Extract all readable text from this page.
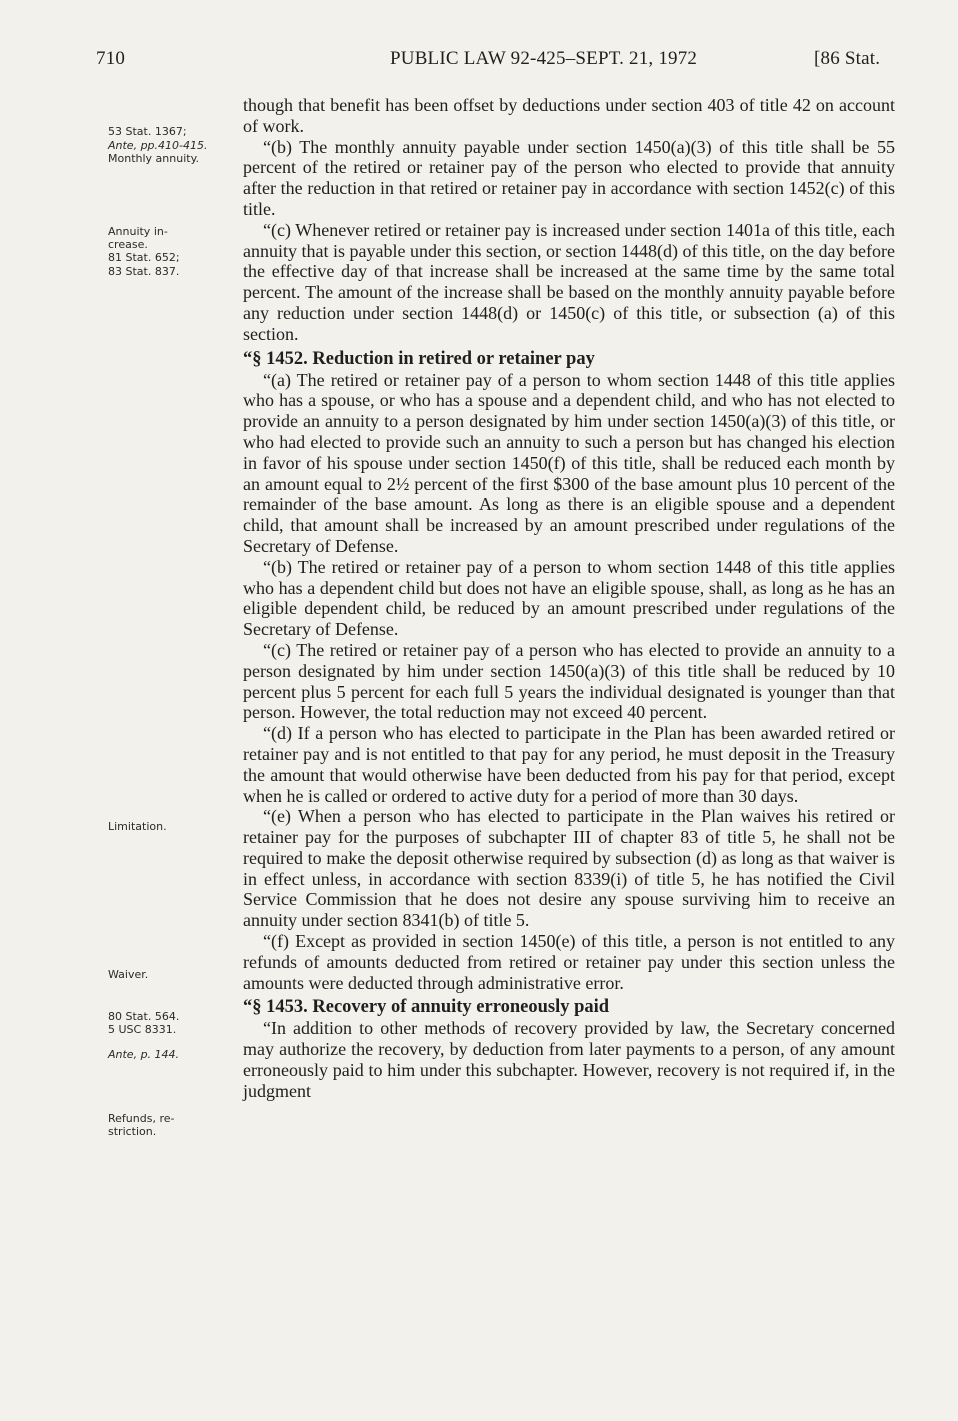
710	PUBLIC LAW 92-425–SEPT. 21, 1972	[86 Stat.
53 Stat. 1367;
Ante, pp.410-415.
Monthly annuity.
Annuity in-
crease.
81 Stat. 652;
83 Stat. 837.
Limitation.
Waiver.
80 Stat. 564.
5 USC 8331.
Ante, p. 144.
Refunds, re-
striction.

though that benefit has been offset by deductions under section 403 of title 42 on account of work.

“(b) The monthly annuity payable under section 1450(a)(3) of this title shall be 55 percent of the retired or retainer pay of the person who elected to provide that annuity after the reduction in that retired or retainer pay in accordance with section 1452(c) of this title.

“(c) Whenever retired or retainer pay is increased under section 1401a of this title, each annuity that is payable under this section, or section 1448(d) of this title, on the day before the effective day of that increase shall be increased at the same time by the same total percent. The amount of the increase shall be based on the monthly annuity payable before any reduction under section 1448(d) or 1450(c) of this title, or subsection (a) of this section.

“§ 1452. Reduction in retired or retainer pay

“(a) The retired or retainer pay of a person to whom section 1448 of this title applies who has a spouse, or who has a spouse and a dependent child, and who has not elected to provide an annuity to a person designated by him under section 1450(a)(3) of this title, or who had elected to provide such an annuity to such a person but has changed his election in favor of his spouse under section 1450(f) of this title, shall be reduced each month by an amount equal to 2½ percent of the first $300 of the base amount plus 10 percent of the remainder of the base amount. As long as there is an eligible spouse and a dependent child, that amount shall be increased by an amount prescribed under regulations of the Secretary of Defense.

“(b) The retired or retainer pay of a person to whom section 1448 of this title applies who has a dependent child but does not have an eligible spouse, shall, as long as he has an eligible dependent child, be reduced by an amount prescribed under regulations of the Secretary of Defense.

“(c) The retired or retainer pay of a person who has elected to provide an annuity to a person designated by him under section 1450(a)(3) of this title shall be reduced by 10 percent plus 5 percent for each full 5 years the individual designated is younger than that person. However, the total reduction may not exceed 40 percent.

“(d) If a person who has elected to participate in the Plan has been awarded retired or retainer pay and is not entitled to that pay for any period, he must deposit in the Treasury the amount that would otherwise have been deducted from his pay for that period, except when he is called or ordered to active duty for a period of more than 30 days.

“(e) When a person who has elected to participate in the Plan waives his retired or retainer pay for the purposes of subchapter III of chapter 83 of title 5, he shall not be required to make the deposit otherwise required by subsection (d) as long as that waiver is in effect unless, in accordance with section 8339(i) of title 5, he has notified the Civil Service Commission that he does not desire any spouse surviving him to receive an annuity under section 8341(b) of title 5.

“(f) Except as provided in section 1450(e) of this title, a person is not entitled to any refunds of amounts deducted from retired or retainer pay under this section unless the amounts were deducted through administrative error.

“§ 1453. Recovery of annuity erroneously paid

“In addition to other methods of recovery provided by law, the Secretary concerned may authorize the recovery, by deduction from later payments to a person, of any amount erroneously paid to him under this subchapter. However, recovery is not required if, in the judgment
